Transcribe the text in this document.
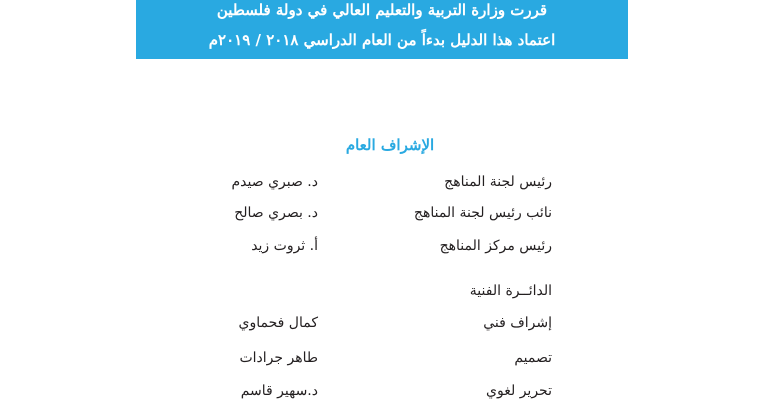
قررت وزارة التربية والتعليم العالي في دولة فلسطين
اعتماد هذا الدليل بدءاً من العام الدراسي ٢٠١٨ / ٢٠١٩م
الإشراف العام
رئيس لجنة المناهج
د. صبري صيدم
نائب رئيس لجنة المناهج
د. بصري صالح
رئيس مركز المناهج
أ. ثروت زيد
الدائــرة الفنية
إشراف فني
كمال فحماوي
تصميم
طاهر جرادات
تحرير لغوي
د.سهير قاسم
